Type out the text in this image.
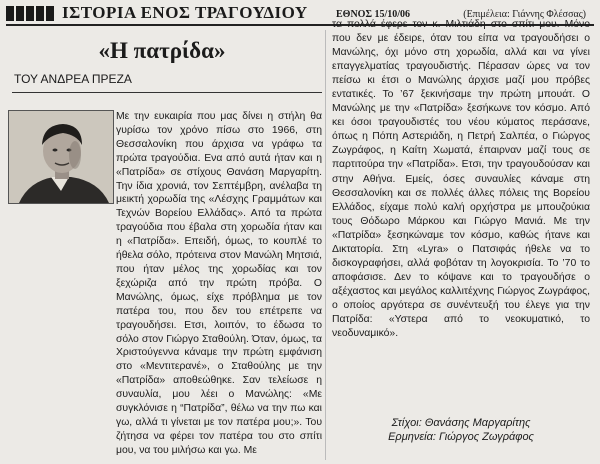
ΙΣΤΟΡΙΑ ΕΝΟΣ ΤΡΑΓΟΥΔΙΟΥ	ΕΘΝΟΣ 15/10/06	(Επιμέλεια: Γιάννης Φλέσσας)
«Η πατρίδα»
ΤΟΥ ΑΝΔΡΕΑ ΠΡΕΖΑ
Με την ευκαιρία που μας δίνει η στήλη θα γυρίσω τον χρόνο πίσω στο 1966, στη Θεσσαλονίκη που άρχισα να γράφω τα πρώτα τραγούδια. Ενα από αυτά ήταν και η «Πατρίδα» σε στίχους Θανάση Μαργαρίτη. Την ίδια χρονιά, τον Σεπτέμβρη, ανέλαβα τη μεικτή χορωδία της «Λέσχης Γραμμάτων και Τεχνών Βορείου Ελλάδας». Από τα πρώτα τραγούδια που έβαλα στη χορωδία ήταν και η «Πατρίδα». Επειδή, όμως, το κουπλέ το ήθελα σόλο, πρότεινα στον Μανώλη Μητσιά, που ήταν μέλος της χορωδίας και τον ξεχώριζα από την πρώτη πρόβα. Ο Μανώλης, όμως, είχε πρόβλημα με τον πατέρα του, που δεν του επέτρεπε να τραγουδήσει. Ετσι, λοιπόν, το έδωσα το σόλο στον Γιώργο Σταθούλη. Όταν, όμως, τα Χριστούγεννα κάναμε την πρώτη εμφάνιση στο «Μεντιτερανέ», ο Σταθούλης με την «Πατρίδα» αποθεώθηκε. Σαν τελείωσε η συναυλία, μου λέει ο Μανώλης: «Με συγκλόνισε η “Πατρίδα”, θέλω να την πω και γω, αλλά τι γίνεται με τον πατέρα μου;». Του ζήτησα να φέρει τον πατέρα του στο σπίτι μου, να του μιλήσω και γω. Με
τα πολλά έφερε τον κ. Μιλτιάδη στο σπίτι μου. Μόνο που δεν με έδειρε, όταν του είπα να τραγουδήσει ο Μανώλης, όχι μόνο στη χορωδία, αλλά και να γίνει επαγγελματίας τραγουδιστής. Πέρασαν ώρες να τον πείσω κι έτσι ο Μανώλης άρχισε μαζί μου πρόβες εντατικές. Το ’67 ξεκινήσαμε την πρώτη μπουάτ. Ο Μανώλης με την «Πατρίδα» ξεσήκωνε τον κόσμο. Από κει όσοι τραγουδιστές του νέου κύματος περάσανε, όπως η Πόπη Αστεριάδη, η Πετρή Σαλπέα, ο Γιώργος Ζωγράφος, η Καίτη Χωματά, έπαιρναν μαζί τους σε παρτιτούρα την «Πατρίδα». Ετσι, την τραγουδούσαν και στην Αθήνα. Εμείς, όσες συναυλίες κάναμε στη Θεσσαλονίκη και σε πολλές άλλες πόλεις της Βορείου Ελλάδος, είχαμε πολύ καλή ορχήστρα με μπουζούκια τους Θόδωρο Μάρκου και Γιώργο Μανιά. Με την «Πατρίδα» ξεσηκώναμε τον κόσμο, καθώς ήτανε και Δικτατορία. Στη «Lyra» ο Πατσιφάς ήθελε να το δισκογραφήσει, αλλά φοβόταν τη λογοκρισία. Το ’70 το αποφάσισε. Δεν το κόψανε και το τραγουδήσε ο αξέχαστος και μεγάλος καλλιτέχνης Γιώργος Ζωγράφος, ο οποίος αργότερα σε συνέντευξή του έλεγε για την Πατρίδα: «Υστερα από το νεοκυματικό, το νεοδυναμικό».
Στίχοι: Θανάσης Μαργαρίτης
Ερμηνεία: Γιώργος Ζωγράφος
